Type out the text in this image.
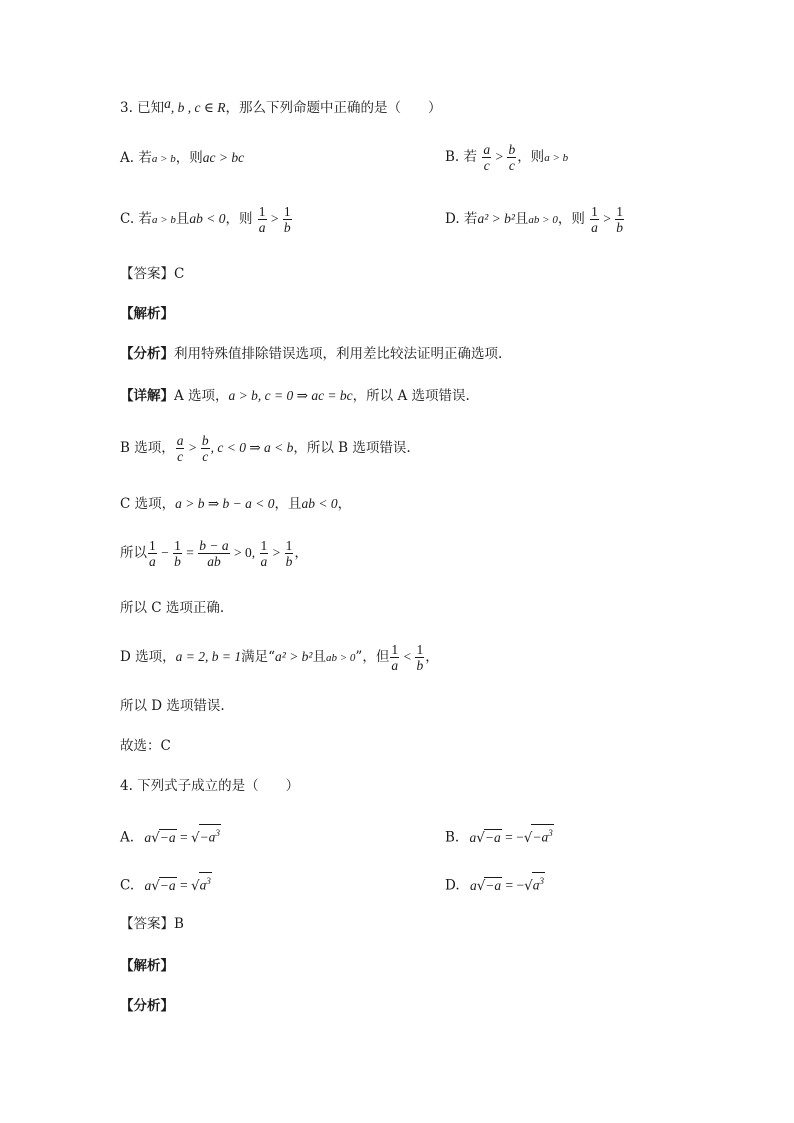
3. 已知a, b , c ∈ R，那么下列命题中正确的是（　　）
A. 若a > b，则ac > bc	B. 若 $\frac{a}{c} > \frac{b}{c}$ ，则a > b
C. 若a > b且ab < 0，则 $\frac{1}{a} > \frac{1}{b}$	D. 若a² > b²且ab > 0，则 $\frac{1}{a} > \frac{1}{b}$
【答案】C
【解析】
【分析】利用特殊值排除错误选项，利用差比较法证明正确选项.
【详解】A 选项，a > b, c = 0 ⇒ ac = bc，所以 A 选项错误.
B 选项， $\frac{a}{c} > \frac{b}{c}$ , c < 0 ⇒ a < b，所以 B 选项错误.
C 选项，a > b ⇒ b − a < 0，且ab < 0，
所以 $\frac{1}{a} - \frac{1}{b} = \frac{b - a}{ab} > 0$, $\frac{1}{a} > \frac{1}{b}$ ，
所以 C 选项正确.
D 选项，a = 2, b = 1满足“a² > b²且ab > 0”，但 $\frac{1}{a} < \frac{1}{b}$ ，
所以 D 选项错误.
故选：C
4. 下列式子成立的是（　　）
A. $a√-a = √-a^3$	B. $a√-a = -√-a^3$
C. $a√-a = √a^3$	D. $a√-a = -√a^3$
【答案】B
【解析】
【分析】
